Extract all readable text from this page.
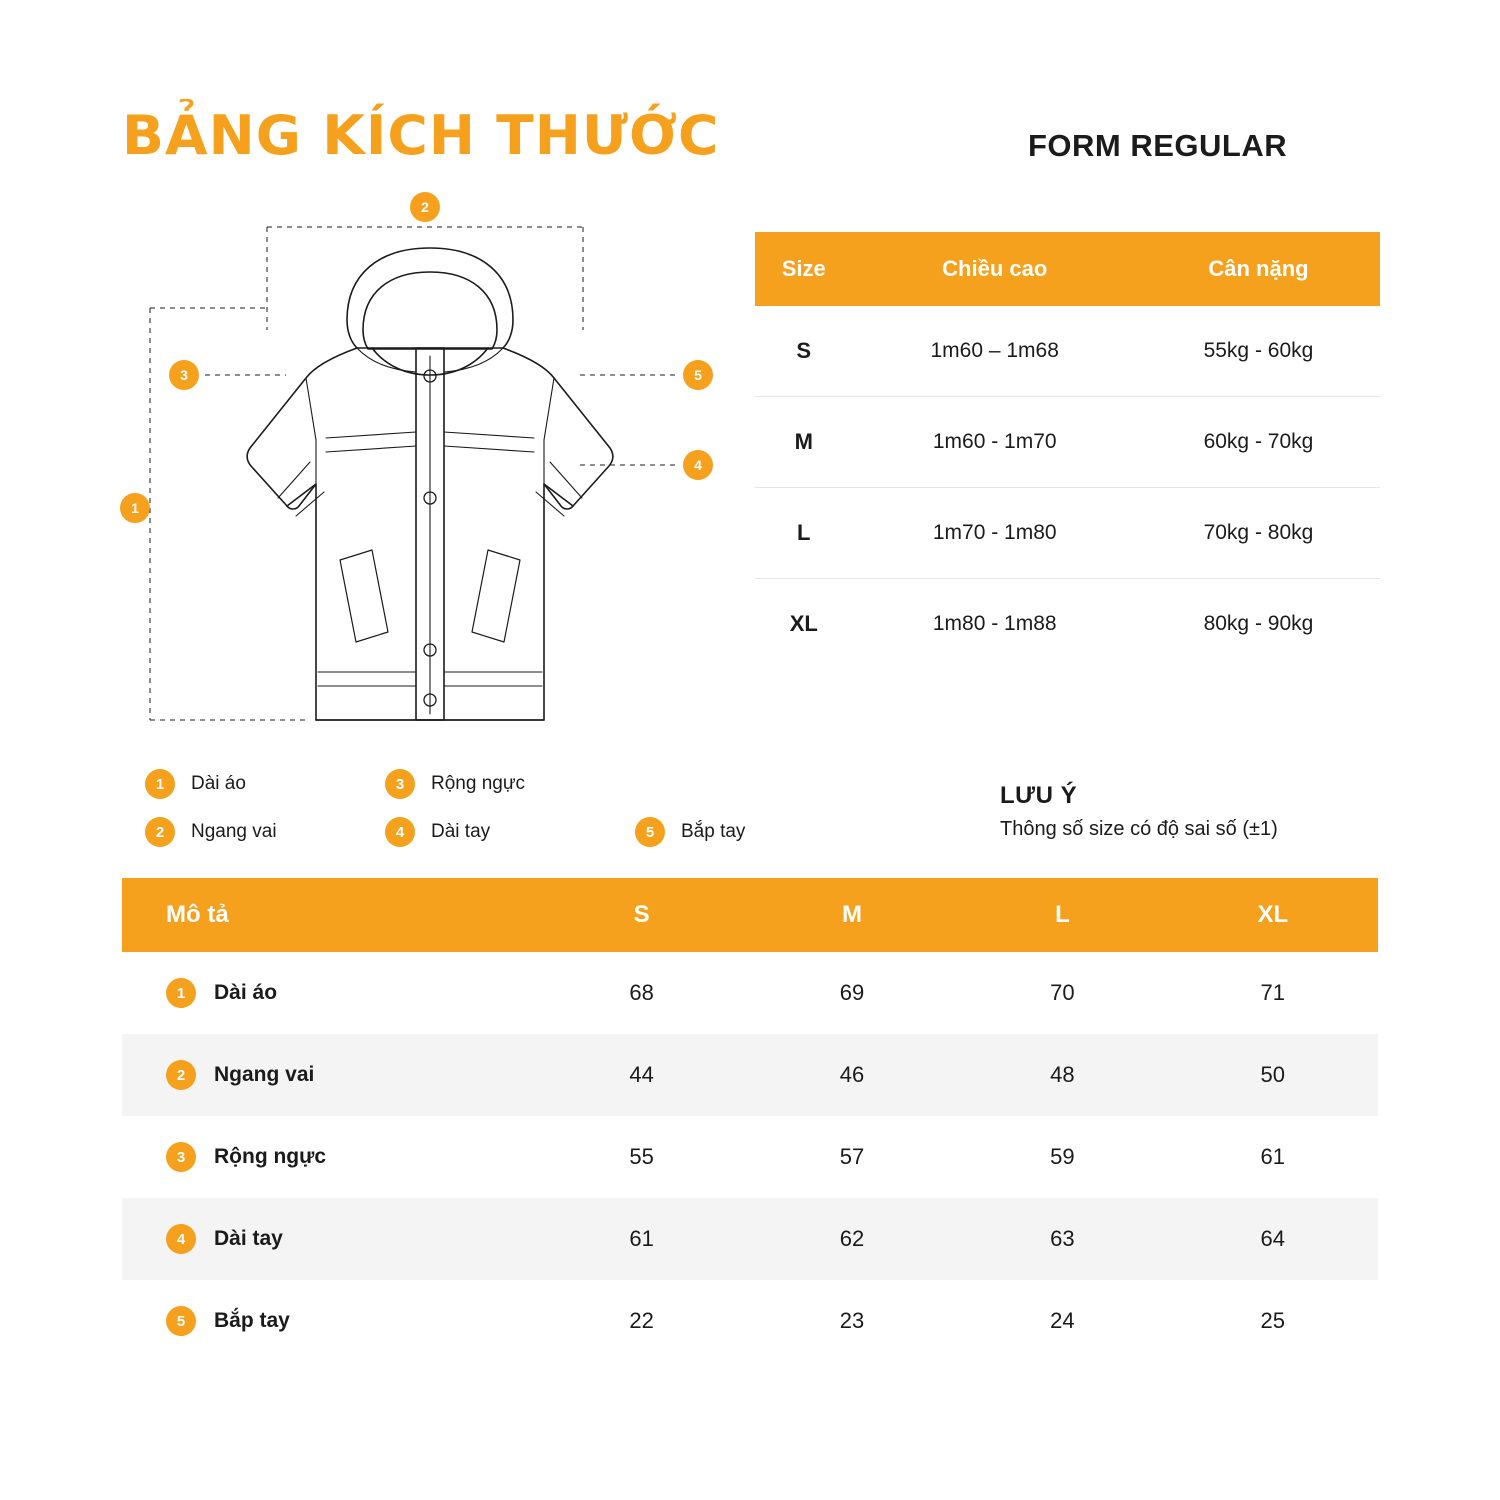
BẢNG KÍCH THƯỚC	FORM REGULAR
2
3
1
5
4
Size	Chiều cao	Cân nặng
S	1m60 – 1m68	55kg - 60kg
M	1m60 - 1m70	60kg - 70kg
L	1m70 - 1m80	70kg - 80kg
XL	1m80 - 1m88	80kg - 90kg
1	Dài áo	3	Rộng ngực
2	Ngang vai	4	Dài tay	5	Bắp tay
LƯU Ý
Thông số size có độ sai số (±1)
Mô tả	S	M	L	XL

1 Dài áo	68	69	70	71

2 Ngang vai	44	46	48	50

3 Rộng ngực	55	57	59	61

4 Dài tay	61	62	63	64

5 Bắp tay	22	23	24	25
